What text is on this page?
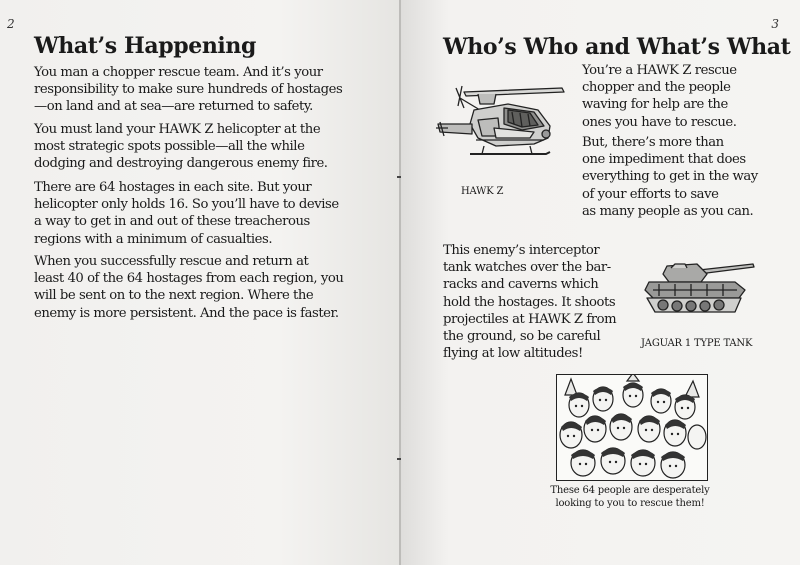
2
What’s Happening

You man a chopper rescue team. And it’s your
responsibility to make sure hundreds of hostages
—on land and at sea—are returned to safety.

You must land your HAWK Z helicopter at the
most strategic spots possible—all the while
dodging and destroying dangerous enemy fire.

There are 64 hostages in each site. But your
helicopter only holds 16. So you’ll have to devise
a way to get in and out of these treacherous
regions with a minimum of casualties.

When you successfully rescue and return at
least 40 of the 64 hostages from each region, you
will be sent on to the next region. Where the
enemy is more persistent. And the pace is faster.

3
Who’s Who and What’s What
HAWK Z

You’re a HAWK Z rescue
chopper and the people
waving for help are the
ones you have to rescue.

But, there’s more than
one impediment that does
everything to get in the way
of your efforts to save
as many people as you can.

This enemy’s interceptor
tank watches over the bar-
racks and caverns which
hold the hostages. It shoots
projectiles at HAWK Z from
the ground, so be careful
flying at low altitudes!

JAGUAR 1 TYPE TANK
These 64 people are desperately
looking to you to rescue them!
